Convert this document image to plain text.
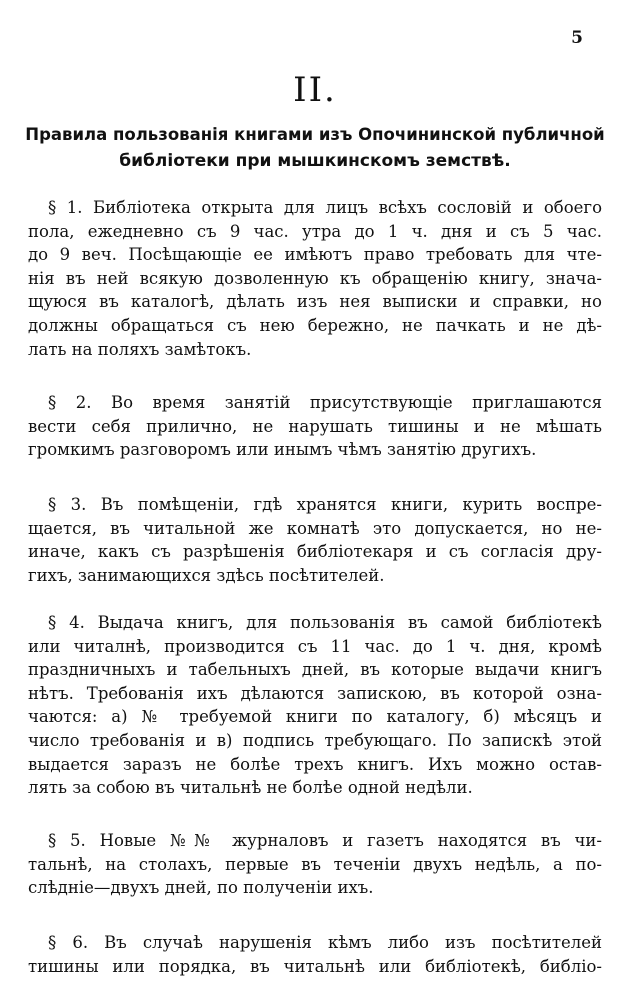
5
II.
Правила пользованія книгами изъ Опочининской публичной
библіотеки при мышкинскомъ земствѣ.
§ 1. Библіотека открыта для лицъ всѣхъ сословій и обоего
пола, ежедневно съ 9 час. утра до 1 ч. дня и съ 5 час.
до 9 веч. Посѣщающіе ее имѣютъ право требовать для чте-
нія въ ней всякую дозволенную къ обращенію книгу, знача-
щуюся въ каталогѣ, дѣлать изъ нея выписки и справки, но
должны обращаться съ нею бережно, не пачкать и не дѣ-
лать на поляхъ замѣтокъ.
§ 2. Во время занятій присутствующіе приглашаются
вести себя прилично, не нарушать тишины и не мѣшать
громкимъ разговоромъ или инымъ чѣмъ занятію другихъ.
§ 3. Въ помѣщеніи, гдѣ хранятся книги, курить воспре-
щается, въ читальной же комнатѣ это допускается, но не-
иначе, какъ съ разрѣшенія библіотекаря и съ согласія дру-
гихъ, занимающихся здѣсь посѣтителей.
§ 4. Выдача книгъ, для пользованія въ самой библіотекѣ
или читалнѣ, производится съ 11 час. до 1 ч. дня, кромѣ
праздничныхъ и табельныхъ дней, въ которые выдачи книгъ
нѣтъ. Требованія ихъ дѣлаются запискою, въ которой озна-
чаются: а) № требуемой книги по каталогу, б) мѣсяцъ и
число требованія и в) подпись требующаго. По запискѣ этой
выдается заразъ не болѣе трехъ книгъ. Ихъ можно остав-
лять за собою въ читальнѣ не болѣе одной недѣли.
§ 5. Новые №№ журналовъ и газетъ находятся въ чи-
тальнѣ, на столахъ, первые въ теченіи двухъ недѣль, а по-
слѣдніе—двухъ дней, по полученіи ихъ.
§ 6. Въ случаѣ нарушенія кѣмъ либо изъ посѣтителей
тишины или порядка, въ читальнѣ или библіотекѣ, библіо-
